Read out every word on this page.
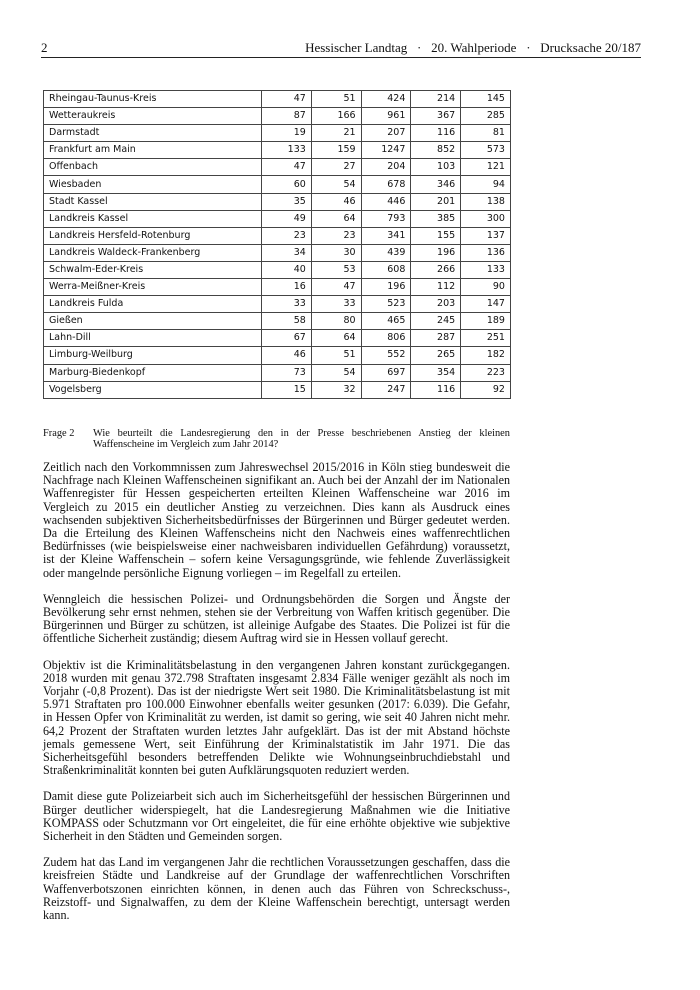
2	Hessischer Landtag   ·   20. Wahlperiode   ·   Drucksache 20/187
Rheingau-Taunus-Kreis	47	51	424	214	145
Wetteraukreis	87	166	961	367	285
Darmstadt	19	21	207	116	81
Frankfurt am Main	133	159	1247	852	573
Offenbach	47	27	204	103	121
Wiesbaden	60	54	678	346	94
Stadt Kassel	35	46	446	201	138
Landkreis Kassel	49	64	793	385	300
Landkreis Hersfeld-Rotenburg	23	23	341	155	137
Landkreis Waldeck-Frankenberg	34	30	439	196	136
Schwalm-Eder-Kreis	40	53	608	266	133
Werra-Meißner-Kreis	16	47	196	112	90
Landkreis Fulda	33	33	523	203	147
Gießen	58	80	465	245	189
Lahn-Dill	67	64	806	287	251
Limburg-Weilburg	46	51	552	265	182
Marburg-Biedenkopf	73	54	697	354	223
Vogelsberg	15	32	247	116	92
Frage 2 Wie beurteilt die Landesregierung den in der Presse beschriebenen Anstieg der kleinen Waffenscheine im Vergleich zum Jahr 2014?

Zeitlich nach den Vorkommnissen zum Jahreswechsel 2015/2016 in Köln stieg bundesweit die Nachfrage nach Kleinen Waffenscheinen signifikant an. Auch bei der Anzahl der im Nationalen Waffenregister für Hessen gespeicherten erteilten Kleinen Waffenscheine war 2016 im Vergleich zu 2015 ein deutlicher Anstieg zu verzeichnen. Dies kann als Ausdruck eines wachsenden subjektiven Sicherheitsbedürfnisses der Bürgerinnen und Bürger gedeutet werden. Da die Erteilung des Kleinen Waffenscheins nicht den Nachweis eines waffenrechtlichen Bedürfnisses (wie beispielsweise einer nachweisbaren individuellen Gefährdung) voraussetzt, ist der Kleine Waffenschein – sofern keine Versagungsgründe, wie fehlende Zuverlässigkeit oder mangelnde persönliche Eignung vorliegen – im Regelfall zu erteilen.

Wenngleich die hessischen Polizei- und Ordnungsbehörden die Sorgen und Ängste der Bevölkerung sehr ernst nehmen, stehen sie der Verbreitung von Waffen kritisch gegenüber. Die Bürgerinnen und Bürger zu schützen, ist alleinige Aufgabe des Staates. Die Polizei ist für die öffentliche Sicherheit zuständig; diesem Auftrag wird sie in Hessen vollauf gerecht.

Objektiv ist die Kriminalitätsbelastung in den vergangenen Jahren konstant zurückgegangen. 2018 wurden mit genau 372.798 Straftaten insgesamt 2.834 Fälle weniger gezählt als noch im Vorjahr (-0,8 Prozent). Das ist der niedrigste Wert seit 1980. Die Kriminalitätsbelastung ist mit 5.971 Straftaten pro 100.000 Einwohner ebenfalls weiter gesunken (2017: 6.039). Die Gefahr, in Hessen Opfer von Kriminalität zu werden, ist damit so gering, wie seit 40 Jahren nicht mehr. 64,2 Prozent der Straftaten wurden letztes Jahr aufgeklärt. Das ist der mit Abstand höchste jemals gemessene Wert, seit Einführung der Kriminalstatistik im Jahr 1971. Die das Sicherheitsgefühl besonders betreffenden Delikte wie Wohnungseinbruchdiebstahl und Straßenkriminalität konnten bei guten Aufklärungsquoten reduziert werden.

Damit diese gute Polizeiarbeit sich auch im Sicherheitsgefühl der hessischen Bürgerinnen und Bürger deutlicher widerspiegelt, hat die Landesregierung Maßnahmen wie die Initiative KOMPASS oder Schutzmann vor Ort eingeleitet, die für eine erhöhte objektive wie subjektive Sicherheit in den Städten und Gemeinden sorgen.

Zudem hat das Land im vergangenen Jahr die rechtlichen Voraussetzungen geschaffen, dass die kreisfreien Städte und Landkreise auf der Grundlage der waffenrechtlichen Vorschriften Waffenverbotszonen einrichten können, in denen auch das Führen von Schreckschuss-, Reizstoff- und Signalwaffen, zu dem der Kleine Waffenschein berechtigt, untersagt werden kann.
